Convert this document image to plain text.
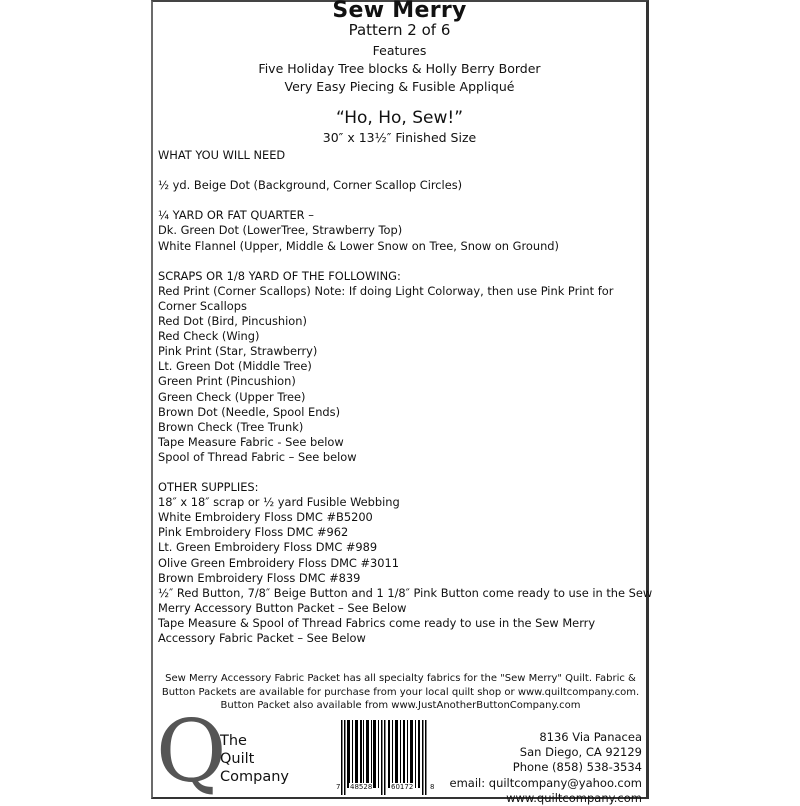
Sew Merry
Pattern 2 of 6
Features
Five Holiday Tree blocks & Holly Berry Border
Very Easy Piecing & Fusible Appliqué
“Ho, Ho, Sew!”
30″ x 13½″ Finished Size
WHAT YOU WILL NEED
½ yd. Beige Dot (Background, Corner Scallop Circles)
¼ YARD OR FAT QUARTER –
Dk. Green Dot (LowerTree, Strawberry Top)
White Flannel (Upper, Middle & Lower Snow on Tree, Snow on Ground)
SCRAPS OR 1/8 YARD OF THE FOLLOWING:
Red Print (Corner Scallops) Note: If doing Light Colorway, then use Pink Print for
Corner Scallops
Red Dot (Bird, Pincushion)
Red Check (Wing)
Pink Print (Star, Strawberry)
Lt. Green Dot (Middle Tree)
Green Print (Pincushion)
Green Check (Upper Tree)
Brown Dot (Needle, Spool Ends)
Brown Check (Tree Trunk)
Tape Measure Fabric - See below
Spool of Thread Fabric – See below
OTHER SUPPLIES:
18″ x 18″ scrap or ½ yard Fusible Webbing
White Embroidery Floss DMC #B5200
Pink Embroidery Floss DMC #962
Lt. Green Embroidery Floss DMC #989
Olive Green Embroidery Floss DMC #3011
Brown Embroidery Floss DMC #839
½″ Red Button, 7/8″ Beige Button and 1 1/8″ Pink Button come ready to use in the Sew
Merry Accessory Button Packet – See Below
Tape Measure & Spool of Thread Fabrics come ready to use in the Sew Merry
Accessory Fabric Packet – See Below
Sew Merry Accessory Fabric Packet has all specialty fabrics for the "Sew Merry" Quilt. Fabric &
Button Packets are available for purchase from your local quilt shop or www.quiltcompany.com.
Button Packet also available from www.JustAnotherButtonCompany.com
Q
The
Quilt
Company
7 48528	60172 8
8136 Via Panacea
San Diego, CA 92129
Phone (858) 538-3534
email: quiltcompany@yahoo.com
www.quiltcompany.com
